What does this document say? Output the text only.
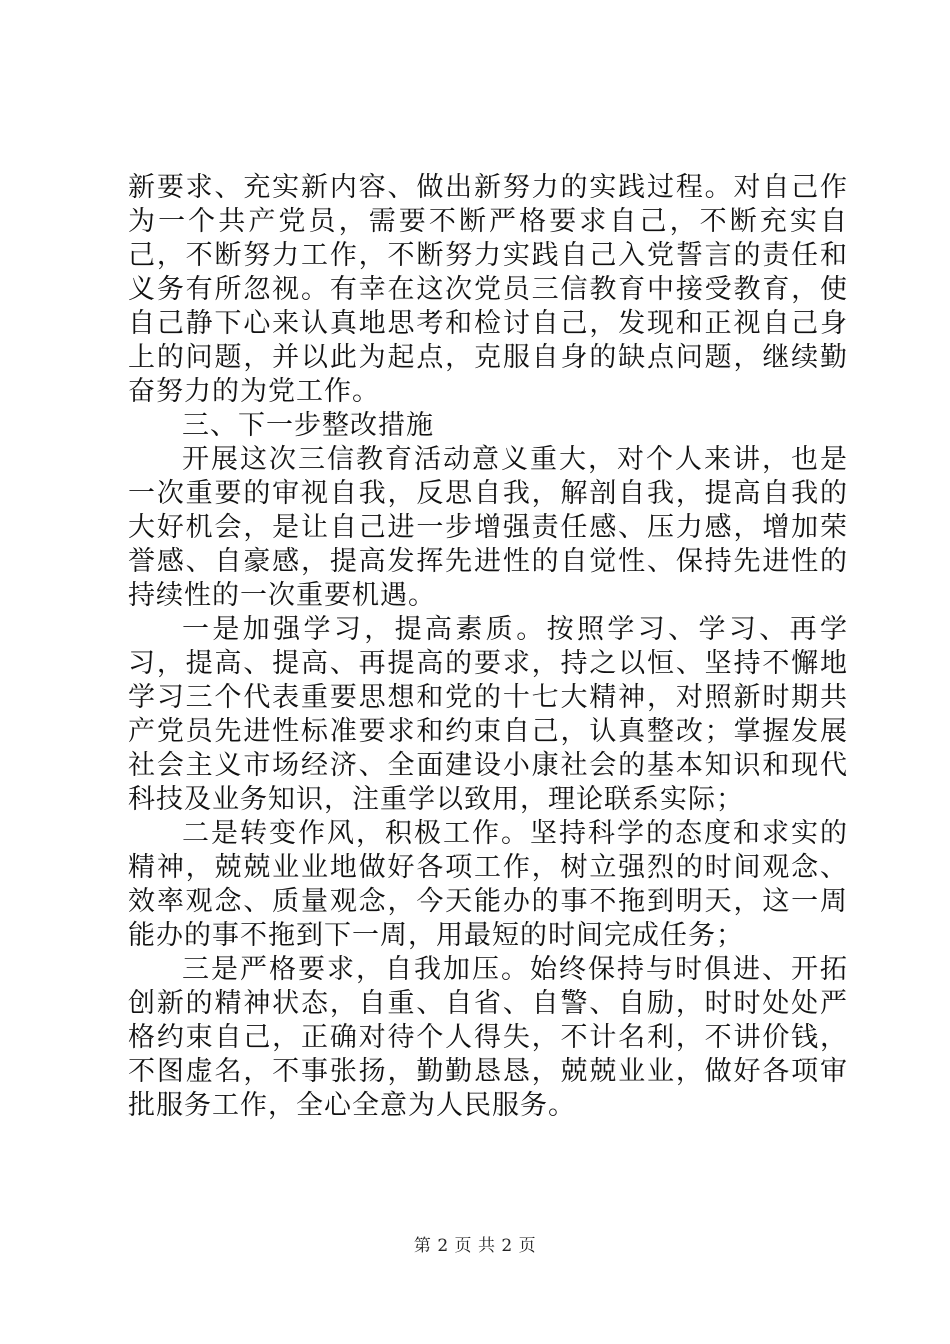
新要求、充实新内容、做出新努力的实践过程。对自己作为一个共产党员，需要不断严格要求自己，不断充实自己，不断努力工作，不断努力实践自己入党誓言的责任和义务有所忽视。有幸在这次党员三信教育中接受教育，使自己静下心来认真地思考和检讨自己，发现和正视自己身上的问题，并以此为起点，克服自身的缺点问题，继续勤奋努力的为党工作。

三、下一步整改措施

开展这次三信教育活动意义重大，对个人来讲，也是一次重要的审视自我，反思自我，解剖自我，提高自我的大好机会，是让自己进一步增强责任感、压力感，增加荣誉感、自豪感，提高发挥先进性的自觉性、保持先进性的持续性的一次重要机遇。

一是加强学习，提高素质。按照学习、学习、再学习，提高、提高、再提高的要求，持之以恒、坚持不懈地学习三个代表重要思想和党的十七大精神，对照新时期共产党员先进性标准要求和约束自己，认真整改；掌握发展社会主义市场经济、全面建设小康社会的基本知识和现代科技及业务知识，注重学以致用，理论联系实际；

二是转变作风，积极工作。坚持科学的态度和求实的精神，兢兢业业地做好各项工作，树立强烈的时间观念、效率观念、质量观念，今天能办的事不拖到明天，这一周能办的事不拖到下一周，用最短的时间完成任务；

三是严格要求，自我加压。始终保持与时俱进、开拓创新的精神状态，自重、自省、自警、自励，时时处处严格约束自己，正确对待个人得失，不计名利，不讲价钱，不图虚名，不事张扬，勤勤恳恳，兢兢业业，做好各项审批服务工作，全心全意为人民服务。

第 2 页 共 2 页
